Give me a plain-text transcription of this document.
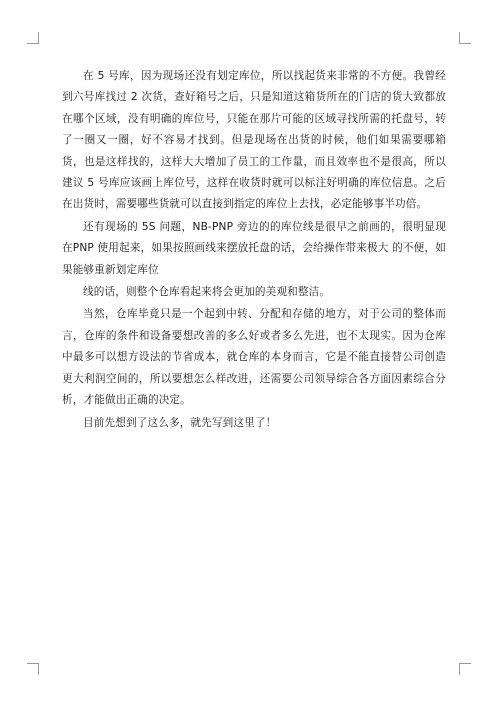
在 5 号库，因为现场还没有划定库位，所以找起货来非常的不方便。我曾经到六号库找过 2 次货，查好箱号之后，只是知道这箱货所在的门店的货大致都放在哪个区域，没有明确的库位号，只能在那片可能的区域寻找所需的托盘号，转了一圈又一圈，好不容易才找到。但是现场在出货的时候，他们如果需要哪箱货，也是这样找的，这样大大增加了员工的工作量，而且效率也不是很高，所以建议 5 号库应该画上库位号，这样在收货时就可以标注好明确的库位信息。之后在出货时，需要哪些货就可以直接到指定的库位上去找，必定能够事半功倍。

还有现场的 5S 问题，NB-PNP 旁边的的库位线是很早之前画的，很明显现在PNP 使用起来，如果按照画线来摆放托盘的话，会给操作带来极大 的不便，如果能够重新划定库位

线的话，则整个仓库看起来将会更加的美观和整洁。

当然，仓库毕竟只是一个起到中转、分配和存储的地方，对于公司的整体而言，仓库的条件和设备要想改善的多么好或者多么先进，也不太现实。因为仓库中最多可以想方设法的节省成本，就仓库的本身而言，它是不能直接替公司创造更大利润空间的，所以要想怎么样改进，还需要公司领导综合各方面因素综合分析，才能做出正确的决定。

目前先想到了这么多，就先写到这里了！
